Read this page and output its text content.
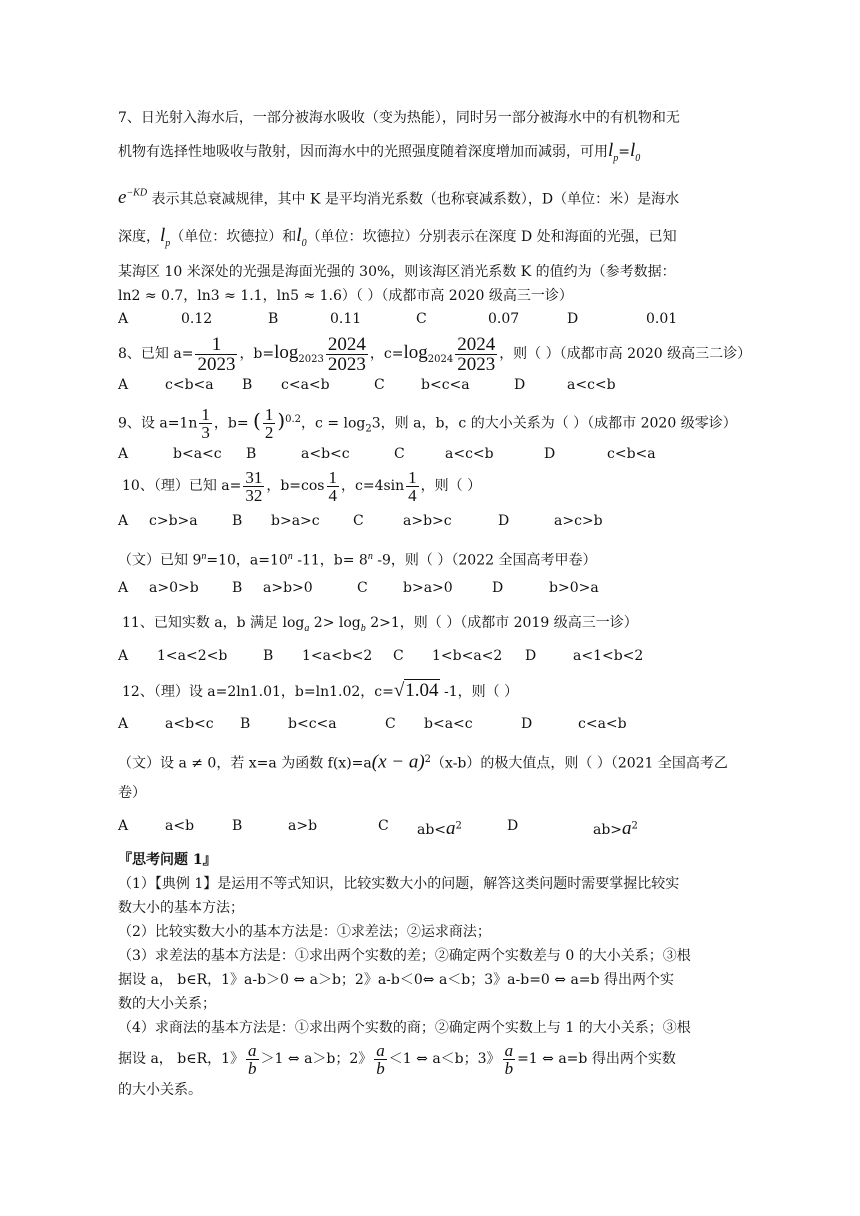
7、日光射入海水后，一部分被海水吸收（变为热能），同时另一部分被海水中的有机物和无
机物有选择性地吸收与散射，因而海水中的光照强度随着深度增加而减弱，可用$l_p=l_0$
$e^{-KD}$ 表示其总衰减规律，其中 K 是平均消光系数（也称衰减系数），D（单位：米）是海水
深度，$l_p$（单位：坎德拉）和$l_0$（单位：坎德拉）分别表示在深度 D 处和海面的光强，已知
某海区 10 米深处的光强是海面光强的 30%，则该海区消光系数 K 的值约为（参考数据：
ln2 ≈ 0.7，ln3 ≈ 1.1，ln5 ≈ 1.6）（ ）（成都市高 2020 级高三一诊）
A	0.12	B	0.11	C	0.07	D	0.01
8、已知 $a= \frac{1}{2023}$ ，$b=\log_{2023} \frac{2024}{2023}$ ，$c=\log_{2024} \frac{2024}{2023}$ ，则（ ）（成都市高 2020 级高三二诊）
A	c<b<a B c<a<b	C	b<c<a	D	a<c<b
9、设 $a=1n \frac{1}{3}$ ，b= ( $\frac{1}{2} )^{0.2}$，$c = \log_23$，则 a，b，c 的大小关系为（ ）（成都市 2020 级零诊）
A	b<a<c B	a<b<c	C	a<c<b	D	c<b<a
10、（理）已知 $a= \frac{31}{32}$ ，$b=\cos \frac{1}{4}$ ，$c=4\sin \frac{1}{4}$ ，则（ ）
A c>b>a B b>a>c C	a>b>c	D	a>c>b
（文）已知 $9^n=10$，$a=10^n$ -11，$b= 8^n$ -9，则（ ）（2022 全国高考甲卷）
A a>0>b B a>b>0	C	b>a>0	D	b>0>a
11、已知实数 a，b 满足 $\log_a 2> \log_b 2>1$，则（ ）（成都市 2019 级高三一诊）
A 1<a<2<b	B 1<a<b<2 C 1<b<a<2 D	a<1<b<2
12、（理）设 a=2ln1.01，b=ln1.02，c=√1.04 -1，则（ ）
A	a<b<c B	b<c<a	C b<a<c	D	c<a<b
（文）设 a ≠ 0，若 x=a 为函数 $f(x)=a(x - a)^2(x-b)$的极大值点，则（ ）（2021 全国高考乙
卷）
A	a<b	B	a>b	C $ab<a^2$	D	$ab>a^2$
『思考问题 1』
（1）【典例 1】是运用不等式知识，比较实数大小的问题，解答这类问题时需要掌握比较实
数大小的基本方法；
（2）比较实数大小的基本方法是：①求差法；②运求商法；
（3）求差法的基本方法是：①求出两个实数的差；②确定两个实数差与 0 的大小关系；③根
据设 a， b∈R，1》a-b＞0 ⇔ a＞b；2》a-b＜0⇔ a＜b；3》a-b=0 ⇔ a=b 得出两个实
数的大小关系；
（4）求商法的基本方法是：①求出两个实数的商；②确定两个实数上与 1 的大小关系；③根
据设 a， b∈R，1》 $\frac{a}{b} >1$ ⇔ a＞b；2》 $\frac{a}{b} <1$ ⇔ a＜b；3》 $\frac{a}{b} =1$ ⇔ a=b 得出两个实数
的大小关系。
